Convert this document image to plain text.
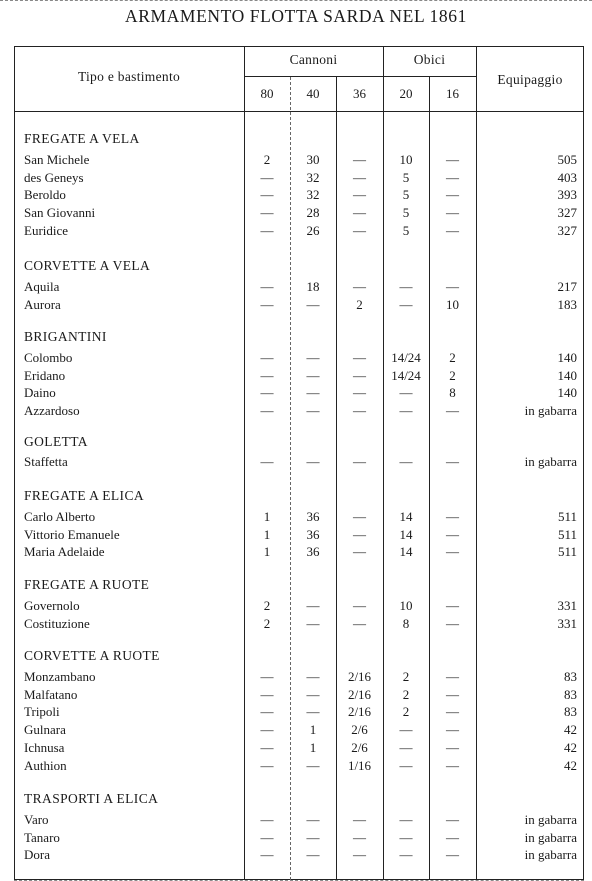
ARMAMENTO FLOTTA SARDA NEL 1861
Tipo e bastimento
Cannoni	Obici
Equipaggio
80	40	36	20	16
FREGATE A VELA
San Michele	2	30	—	10	—	505
des Geneys	—	32	—	5	—	403
Beroldo	—	32	—	5	—	393
San Giovanni	—	28	—	5	—	327
Euridice	—	26	—	5	—	327
CORVETTE A VELA
Aquila	—	18	—	—	—	217
Aurora	—	—	2	—	10	183
BRIGANTINI
Colombo	—	—	—	14/24	2	140
Eridano	—	—	—	14/24	2	140
Daino	—	—	—	—	8	140
Azzardoso	—	—	—	—	—	in gabarra
GOLETTA
Staffetta	—	—	—	—	—	in gabarra
FREGATE A ELICA
Carlo Alberto	1	36	—	14	—	511
Vittorio Emanuele	1	36	—	14	—	511
Maria Adelaide	1	36	—	14	—	511
FREGATE A RUOTE
Governolo	2	—	—	10	—	331
Costituzione	2	—	—	8	—	331
CORVETTE A RUOTE
Monzambano	—	—	2/16	2	—	83
Malfatano	—	—	2/16	2	—	83
Tripoli	—	—	2/16	2	—	83
Gulnara	—	1	2/6	—	—	42
Ichnusa	—	1	2/6	—	—	42
Authion	—	—	1/16	—	—	42
TRASPORTI A ELICA
Varo	—	—	—	—	—	in gabarra
Tanaro	—	—	—	—	—	in gabarra
Dora	—	—	—	—	—	in gabarra
